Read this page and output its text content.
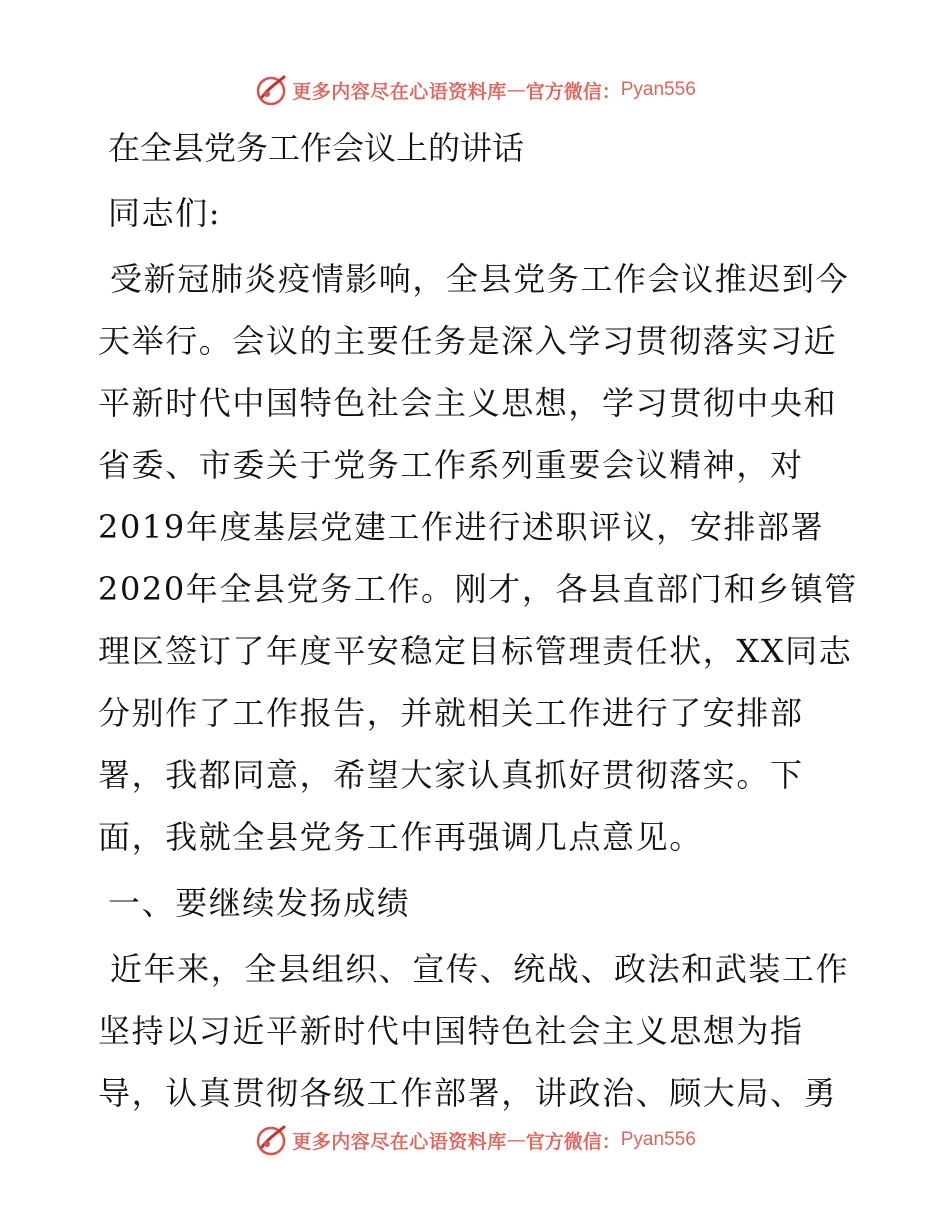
更多内容尽在心语资料库 — 官方微信： Pyan556
在全县党务工作会议上的讲话

同志们:

受新冠肺炎疫情影响，全县党务工作会议推迟到今天举行。会议的主要任务是深入学习贯彻落实习近平新时代中国特色社会主义思想，学习贯彻中央和省委、市委关于党务工作系列重要会议精神，对2019年度基层党建工作进行述职评议，安排部署2020年全县党务工作。刚才，各县直部门和乡镇管理区签订了年度平安稳定目标管理责任状，XX同志分别作了工作报告，并就相关工作进行了安排部署，我都同意，希望大家认真抓好贯彻落实。下面，我就全县党务工作再强调几点意见。

一、要继续发扬成绩

近年来，全县组织、宣传、统战、政法和武装工作坚持以习近平新时代中国特色社会主义思想为指导，认真贯彻各级工作部署，讲政治、顾大局、勇

更多内容尽在心语资料库 — 官方微信： Pyan556
